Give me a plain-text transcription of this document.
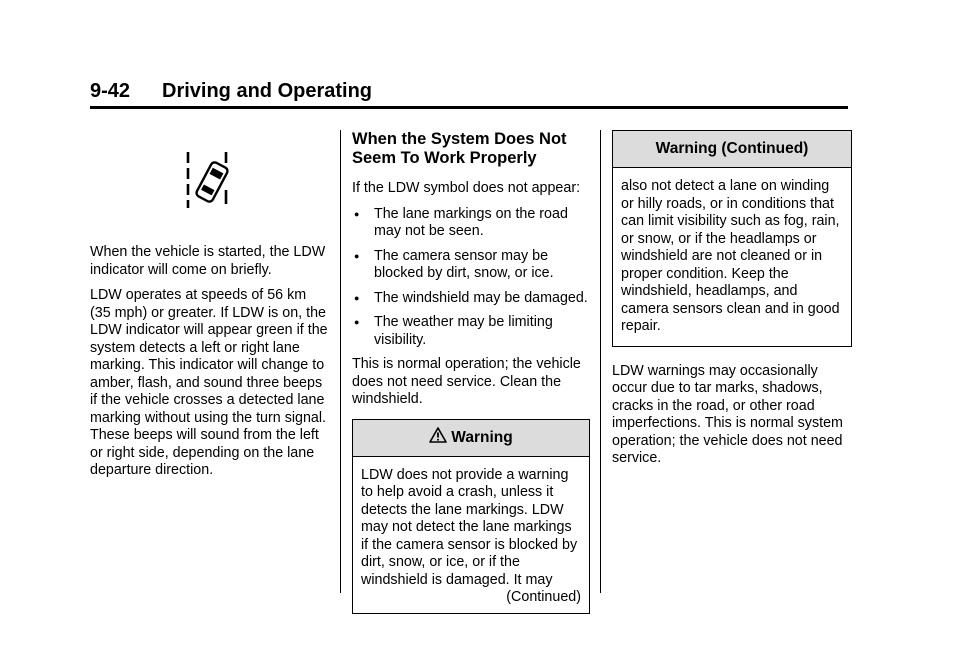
9-42 Driving and Operating

When the vehicle is started, the LDW indicator will come on briefly.

LDW operates at speeds of 56 km (35 mph) or greater. If LDW is on, the LDW indicator will appear green if the system detects a left or right lane marking. This indicator will change to amber, flash, and sound three beeps if the vehicle crosses a detected lane marking without using the turn signal. These beeps will sound from the left or right side, depending on the lane departure direction.

When the System Does Not Seem To Work Properly

If the LDW symbol does not appear:

● The lane markings on the road may not be seen.
● The camera sensor may be blocked by dirt, snow, or ice.
● The windshield may be damaged.
● The weather may be limiting visibility.

This is normal operation; the vehicle does not need service. Clean the windshield.

Warning
LDW does not provide a warning to help avoid a crash, unless it detects the lane markings. LDW may not detect the lane markings if the camera sensor is blocked by dirt, snow, or ice, or if the windshield is damaged. It may
(Continued)
Warning (Continued)
also not detect a lane on winding or hilly roads, or in conditions that can limit visibility such as fog, rain, or snow, or if the headlamps or windshield are not cleaned or in proper condition. Keep the windshield, headlamps, and camera sensors clean and in good repair.

LDW warnings may occasionally occur due to tar marks, shadows, cracks in the road, or other road imperfections. This is normal system operation; the vehicle does not need service.
